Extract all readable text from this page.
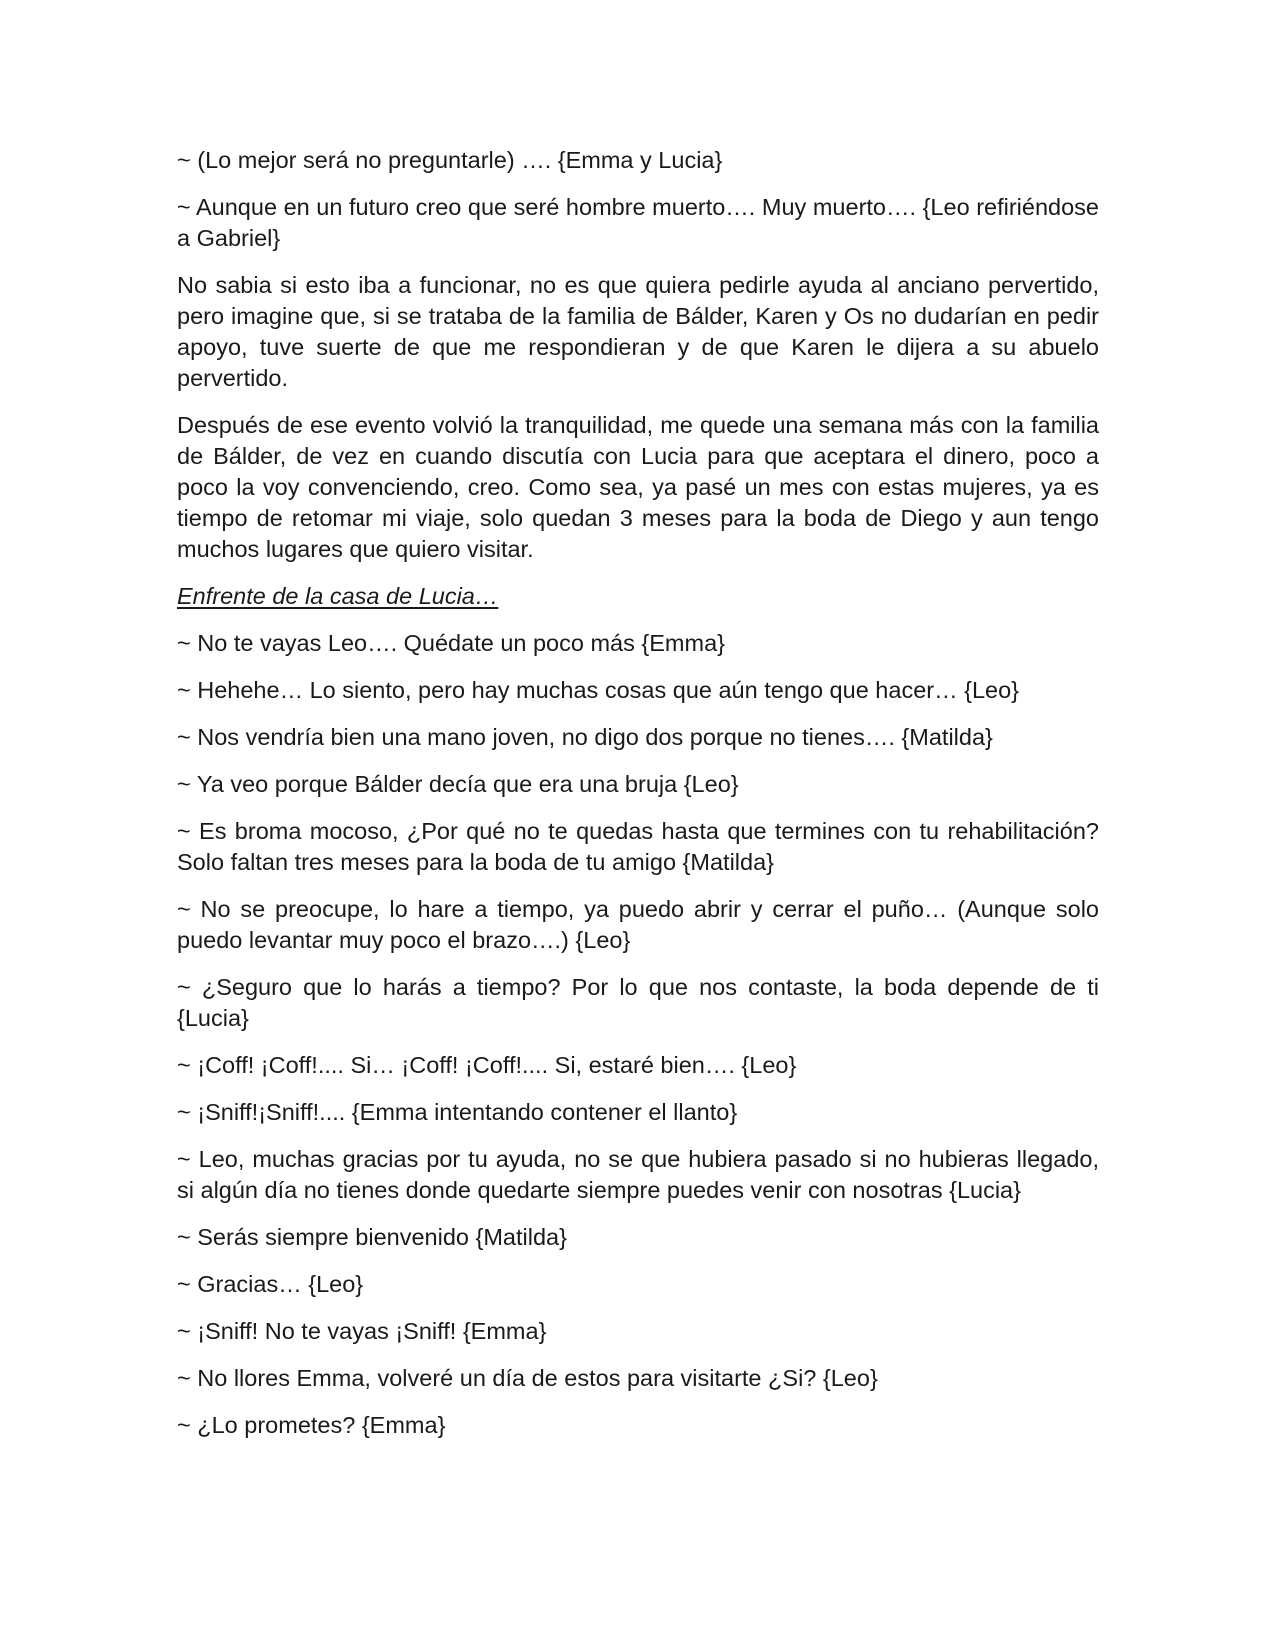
~ (Lo mejor será no preguntarle) …. {Emma y Lucia}

~ Aunque en un futuro creo que seré hombre muerto…. Muy muerto…. {Leo refiriéndose a Gabriel}

No sabia si esto iba a funcionar, no es que quiera pedirle ayuda al anciano pervertido, pero imagine que, si se trataba de la familia de Bálder, Karen y Os no dudarían en pedir apoyo, tuve suerte de que me respondieran y de que Karen le dijera a su abuelo pervertido.

Después de ese evento volvió la tranquilidad, me quede una semana más con la familia de Bálder, de vez en cuando discutía con Lucia para que aceptara el dinero, poco a poco la voy convenciendo, creo. Como sea, ya pasé un mes con estas mujeres, ya es tiempo de retomar mi viaje, solo quedan 3 meses para la boda de Diego y aun tengo muchos lugares que quiero visitar.

Enfrente de la casa de Lucia…

~ No te vayas Leo…. Quédate un poco más {Emma}

~ Hehehe… Lo siento, pero hay muchas cosas que aún tengo que hacer… {Leo}

~ Nos vendría bien una mano joven, no digo dos porque no tienes…. {Matilda}

~ Ya veo porque Bálder decía que era una bruja {Leo}

~ Es broma mocoso, ¿Por qué no te quedas hasta que termines con tu rehabilitación? Solo faltan tres meses para la boda de tu amigo {Matilda}

~ No se preocupe, lo hare a tiempo, ya puedo abrir y cerrar el puño… (Aunque solo puedo levantar muy poco el brazo….) {Leo}

~ ¿Seguro que lo harás a tiempo? Por lo que nos contaste, la boda depende de ti {Lucia}

~ ¡Coff! ¡Coff!.... Si… ¡Coff! ¡Coff!.... Si, estaré bien…. {Leo}

~ ¡Sniff!¡Sniff!.... {Emma intentando contener el llanto}

~ Leo, muchas gracias por tu ayuda, no se que hubiera pasado si no hubieras llegado, si algún día no tienes donde quedarte siempre puedes venir con nosotras {Lucia}

~ Serás siempre bienvenido {Matilda}

~ Gracias… {Leo}

~ ¡Sniff! No te vayas ¡Sniff! {Emma}

~ No llores Emma, volveré un día de estos para visitarte ¿Si? {Leo}

~ ¿Lo prometes? {Emma}
